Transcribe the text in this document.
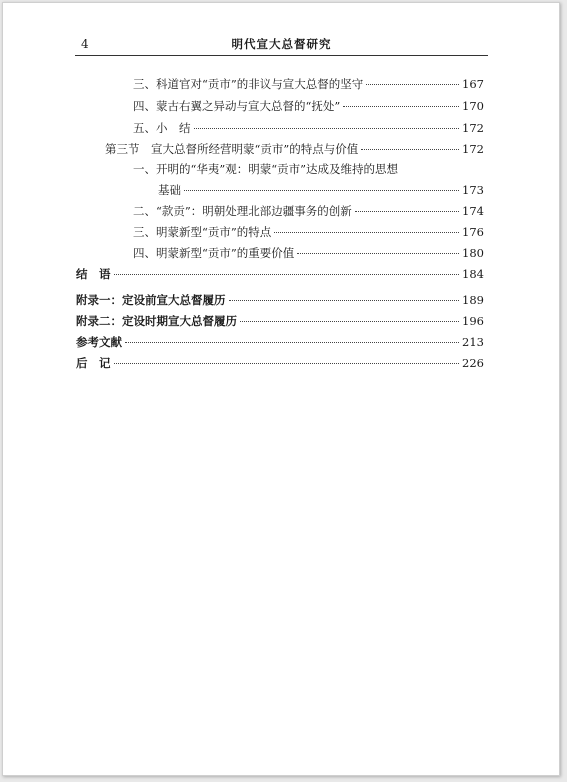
4	明代宣大总督研究
三、科道官对“贡市”的非议与宣大总督的坚守	167
四、蒙古右翼之异动与宣大总督的“抚处”	170
五、小　结	172
第三节　宣大总督所经营明蒙“贡市”的特点与价值	172
一、开明的“华夷”观：明蒙“贡市”达成及维持的思想
基础	173
二、“款贡”：明朝处理北部边疆事务的创新	174
三、明蒙新型“贡市”的特点	176
四、明蒙新型“贡市”的重要价值	180
结　语	184
附录一：定设前宣大总督履历	189
附录二：定设时期宣大总督履历	196
参考文献	213
后　记	226
